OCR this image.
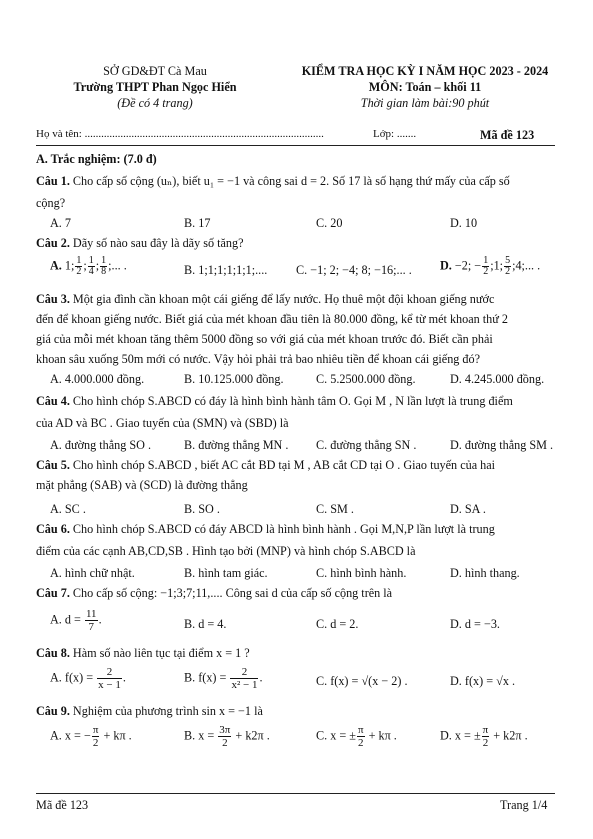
SỞ GD&ĐT Cà Mau
Trường THPT Phan Ngọc Hiển
(Đề có 4 trang)
KIỂM TRA HỌC KỲ I NĂM HỌC 2023 - 2024
MÔN: Toán – khối 11
Thời gian làm bài:90 phút
Họ và tên: .......................................................................................	Lớp: .......	Mã đề 123
A. Trắc nghiệm: (7.0 đ)
Câu 1. Cho cấp số cộng (uₙ), biết u₁ = −1 và công sai d = 2. Số 17 là số hạng thứ mấy của cấp số
cộng?
A. 7	B. 17	C. 20	D. 10
Câu 2. Dãy số nào sau đây là dãy số tăng?
A. 1; $\frac{1}{2}$ ; $\frac{1}{4}$ ; $\frac{1}{8}$ ;... .	B. 1;1;1;1;1;1;.... C. −1; 2; −4; 8; −16;... . D. −2; − $\frac{1}{2}$ ;1; $\frac{5}{2}$ ;4;... .
Câu 3. Một gia đình cần khoan một cái giếng để lấy nước. Họ thuê một đội khoan giếng nước
đến để khoan giếng nước. Biết giá của mét khoan đầu tiên là 80.000 đồng, kể từ mét khoan thứ 2
giá của mỗi mét khoan tăng thêm 5000 đồng so với giá của mét khoan trước đó. Biết cần phải
khoan sâu xuống 50m mới có nước. Vậy hỏi phải trả bao nhiêu tiền để khoan cái giếng đó?
A. 4.000.000 đồng.	B. 10.125.000 đồng.	C. 5.2500.000 đồng.	D. 4.245.000 đồng.
Câu 4. Cho hình chóp S.ABCD có đáy là hình bình hành tâm O. Gọi M , N lần lượt là trung điểm
của AD và BC . Giao tuyến của (SMN) và (SBD) là
A. đường thẳng SO .	B. đường thẳng MN . C. đường thẳng SN .	D. đường thẳng SM .
Câu 5. Cho hình chóp S.ABCD , biết AC cắt BD tại M , AB cắt CD tại O . Giao tuyến của hai
mặt phẳng (SAB) và (SCD) là đường thẳng
A. SC .	B. SO .	C. SM .	D. SA .
Câu 6. Cho hình chóp S.ABCD có đáy ABCD là hình bình hành . Gọi M,N,P lần lượt là trung
điểm của các cạnh AB,CD,SB . Hình tạo bởi (MNP) và hình chóp S.ABCD là
A. hình chữ nhật.	B. hình tam giác.	C. hình bình hành.	D. hình thang.
Câu 7. Cho cấp số cộng: −1;3;7;11,.... Công sai d của cấp số cộng trên là
A. $d = \frac{11}{7}$ .	B. d = 4.	C. d = 2.	D. d = −3.
Câu 8. Hàm số nào liên tục tại điểm x = 1 ?
A. $f(x) = \frac{2}{x - 1}$ .	B. $f(x) = \frac{2}{\text{x² − 1}}$ .	C. f(x) = √(x − 2) .	D. f(x) = √x .
Câu 9. Nghiệm của phương trình sin x = −1 là
A. x = − $\frac{\pi}{2} + k\pi$ .	B. $x = \frac{3\pi}{2} + k2\pi$ .	C. x = ± $\frac{\pi}{2} + k\pi$ .	D. x = ± $\frac{\pi}{2} + k2\pi$ .
Mã đề 123	Trang 1/4
